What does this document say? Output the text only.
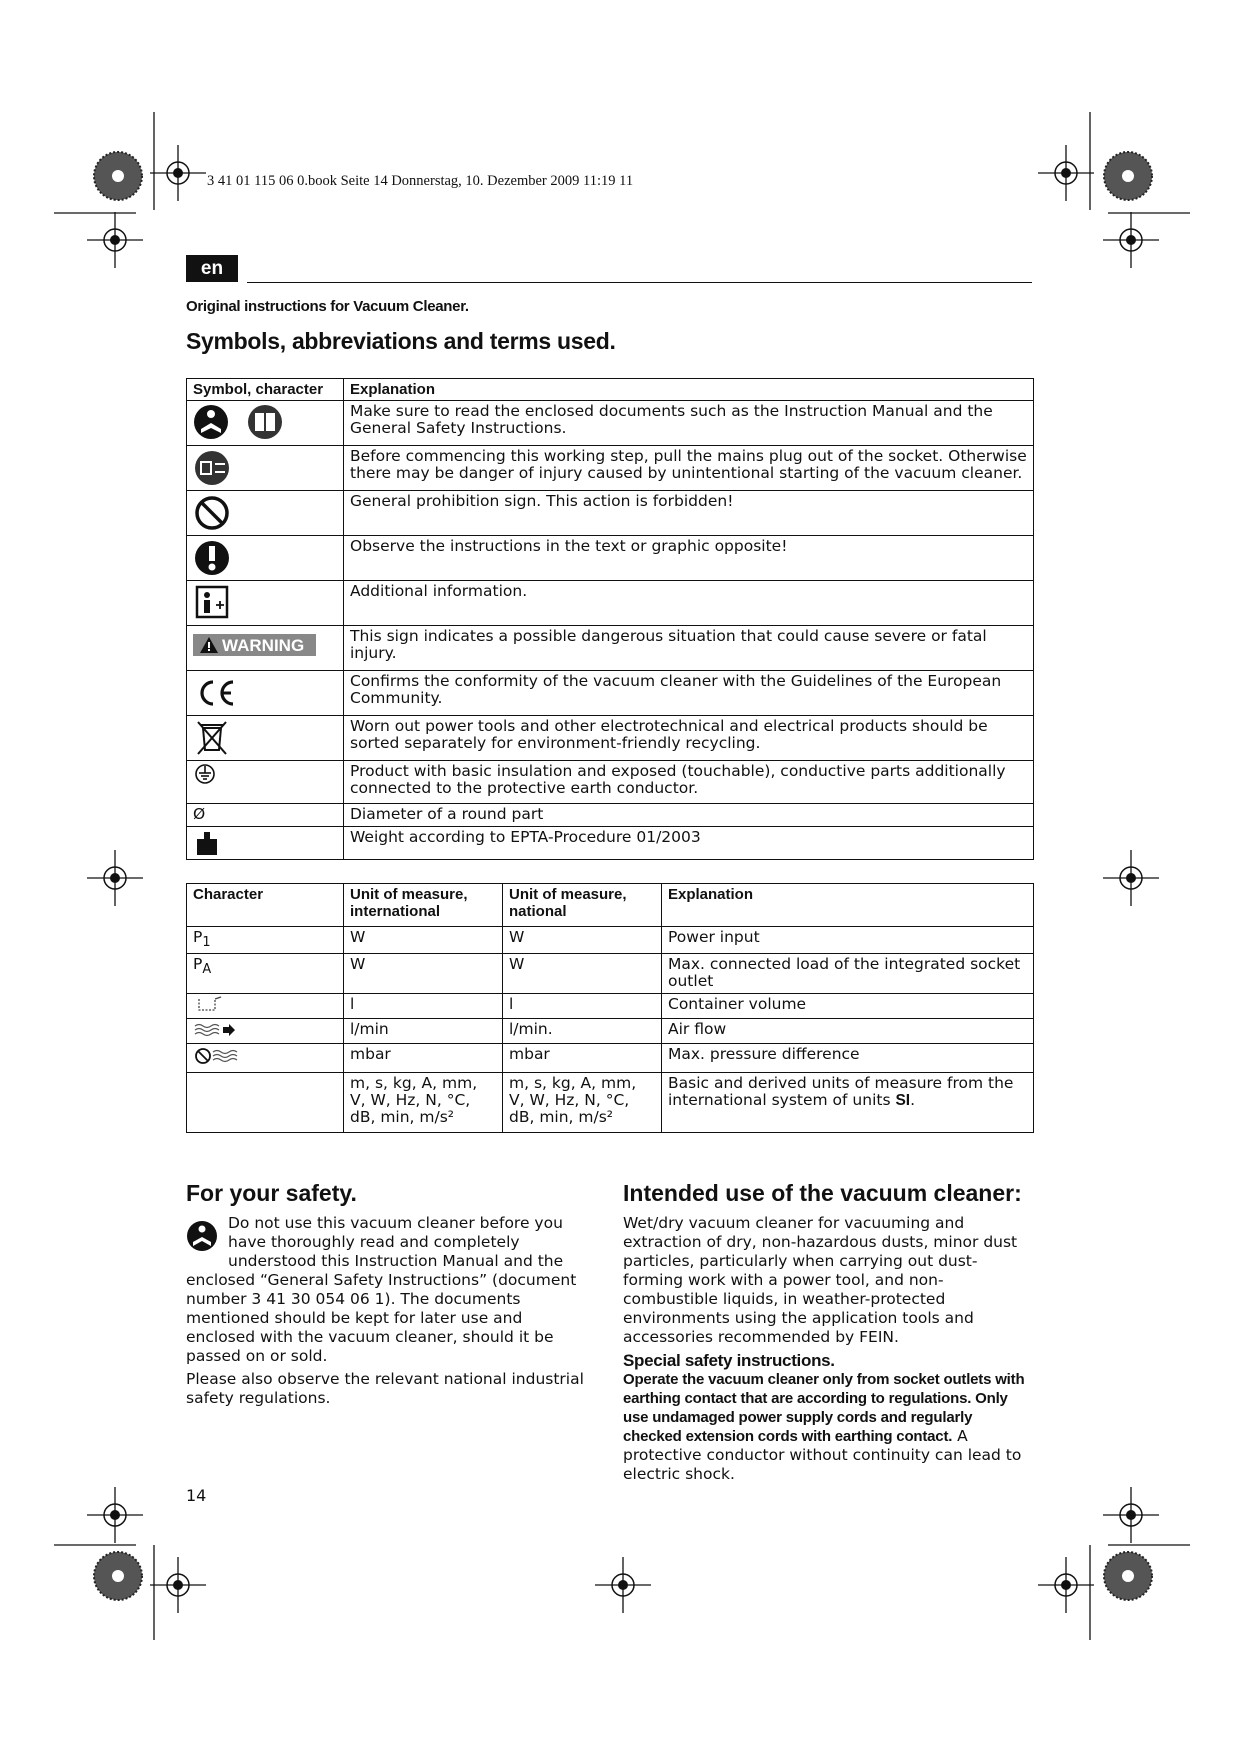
3 41 01 115 06 0.book Seite 14 Donnerstag, 10. Dezember 2009 11:19 11
en
Original instructions for Vacuum Cleaner.
Symbols, abbreviations and terms used.
Symbol, character	Explanation
	Make sure to read the enclosed documents such as the Instruction Manual and the General Safety Instructions.
	Before commencing this working step, pull the mains plug out of the socket. Otherwise there may be danger of injury caused by unintentional starting of the vacuum cleaner.
	General prohibition sign. This action is forbidden!
	Observe the instructions in the text or graphic opposite!
	Additional information.

WARNING	This sign indicates a possible dangerous situation that could cause severe or fatal injury.
	Confirms the conformity of the vacuum cleaner with the Guidelines of the European Community.
	Worn out power tools and other electrotechnical and electrical products should be sorted separately for environment-friendly recycling.
	Product with basic insulation and exposed (touchable), conductive parts additionally connected to the protective earth conductor.
Ø	Diameter of a round part
	Weight according to EPTA-Procedure 01/2003
Character	Unit of measure, international	Unit of measure, national	Explanation
$P_1$	W	W	Power input
$P_A$	W	W	Max. connected load of the integrated socket outlet
	l	l	Container volume
	l/min	l/min.	Air flow
	mbar	mbar	Max. pressure difference
	m, s, kg, A, mm, V, W, Hz, N, °C, dB, min, m/s²	m, s, kg, A, mm, V, W, Hz, N, °C, dB, min, m/s²	Basic and derived units of measure from the international system of units SI.
For your safety.

Do not use this vacuum cleaner before you have thoroughly read and completely understood this Instruction Manual and the enclosed “General Safety Instructions” (document number 3 41 30 054 06 1). The documents mentioned should be kept for later use and enclosed with the vacuum cleaner, should it be passed on or sold.

Please also observe the relevant national industrial safety regulations.

Intended use of the vacuum cleaner:

Wet/dry vacuum cleaner for vacuuming and extraction of dry, non-hazardous dusts, minor dust particles, particularly when carrying out dust-forming work with a power tool, and non-combustible liquids, in weather-protected environments using the application tools and accessories recommended by FEIN.

Special safety instructions.

Operate the vacuum cleaner only from socket outlets with earthing contact that are according to regulations. Only use undamaged power supply cords and regularly checked extension cords with earthing contact. A protective conductor without continuity can lead to electric shock.

14
